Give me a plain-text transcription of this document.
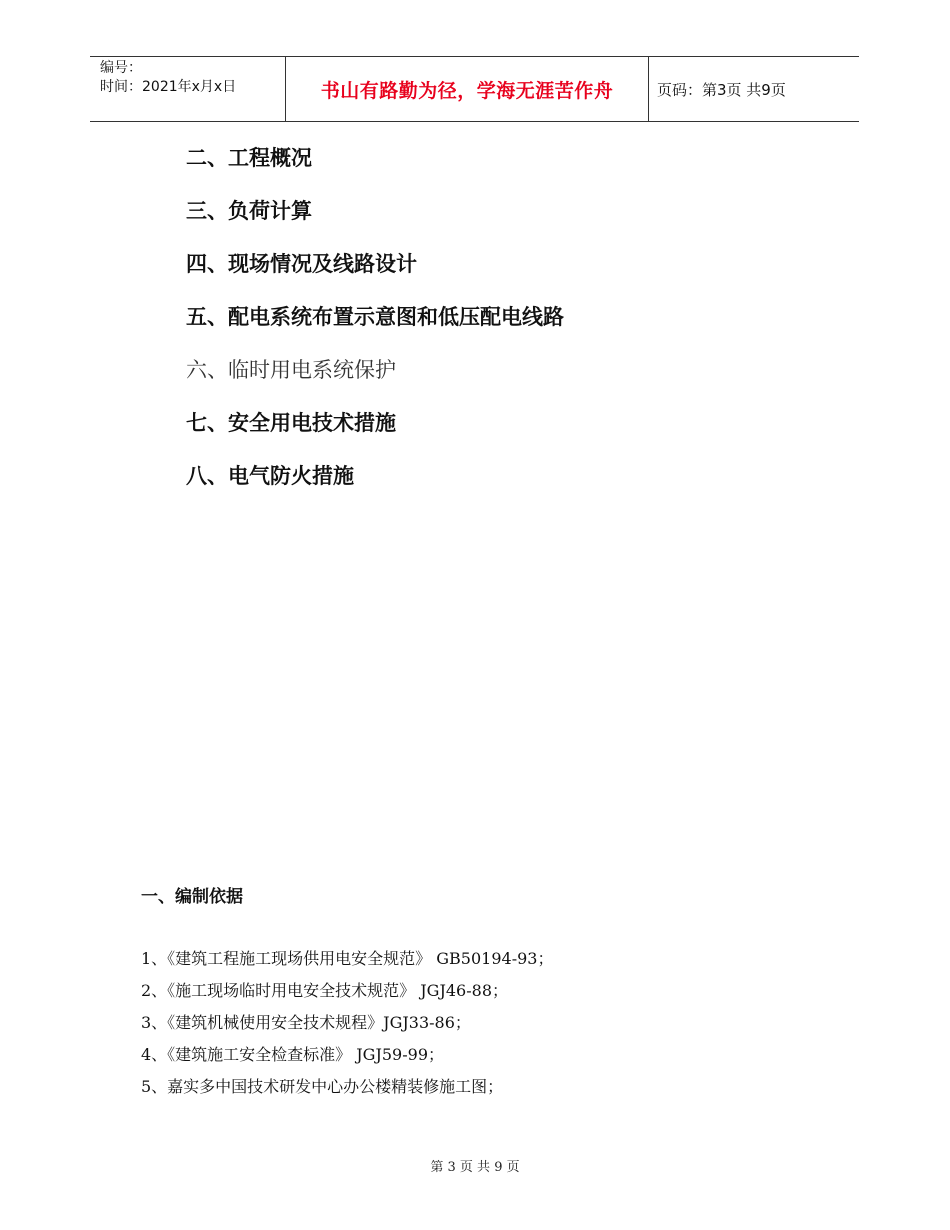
编号：
时间：2021年x月x日	书山有路勤为径，学海无涯苦作舟	页码：第3页 共9页
二、工程概况
三、负荷计算
四、现场情况及线路设计
五、配电系统布置示意图和低压配电线路
六、临时用电系统保护
七、安全用电技术措施
八、电气防火措施
一、编制依据
1、《建筑工程施工现场供用电安全规范》 GB50194-93；
2、《施工现场临时用电安全技术规范》 JGJ46-88；
3、《建筑机械使用安全技术规程》JGJ33-86；
4、《建筑施工安全检查标准》 JGJ59-99；
5、嘉实多中国技术研发中心办公楼精装修施工图；
第 3 页 共 9 页
